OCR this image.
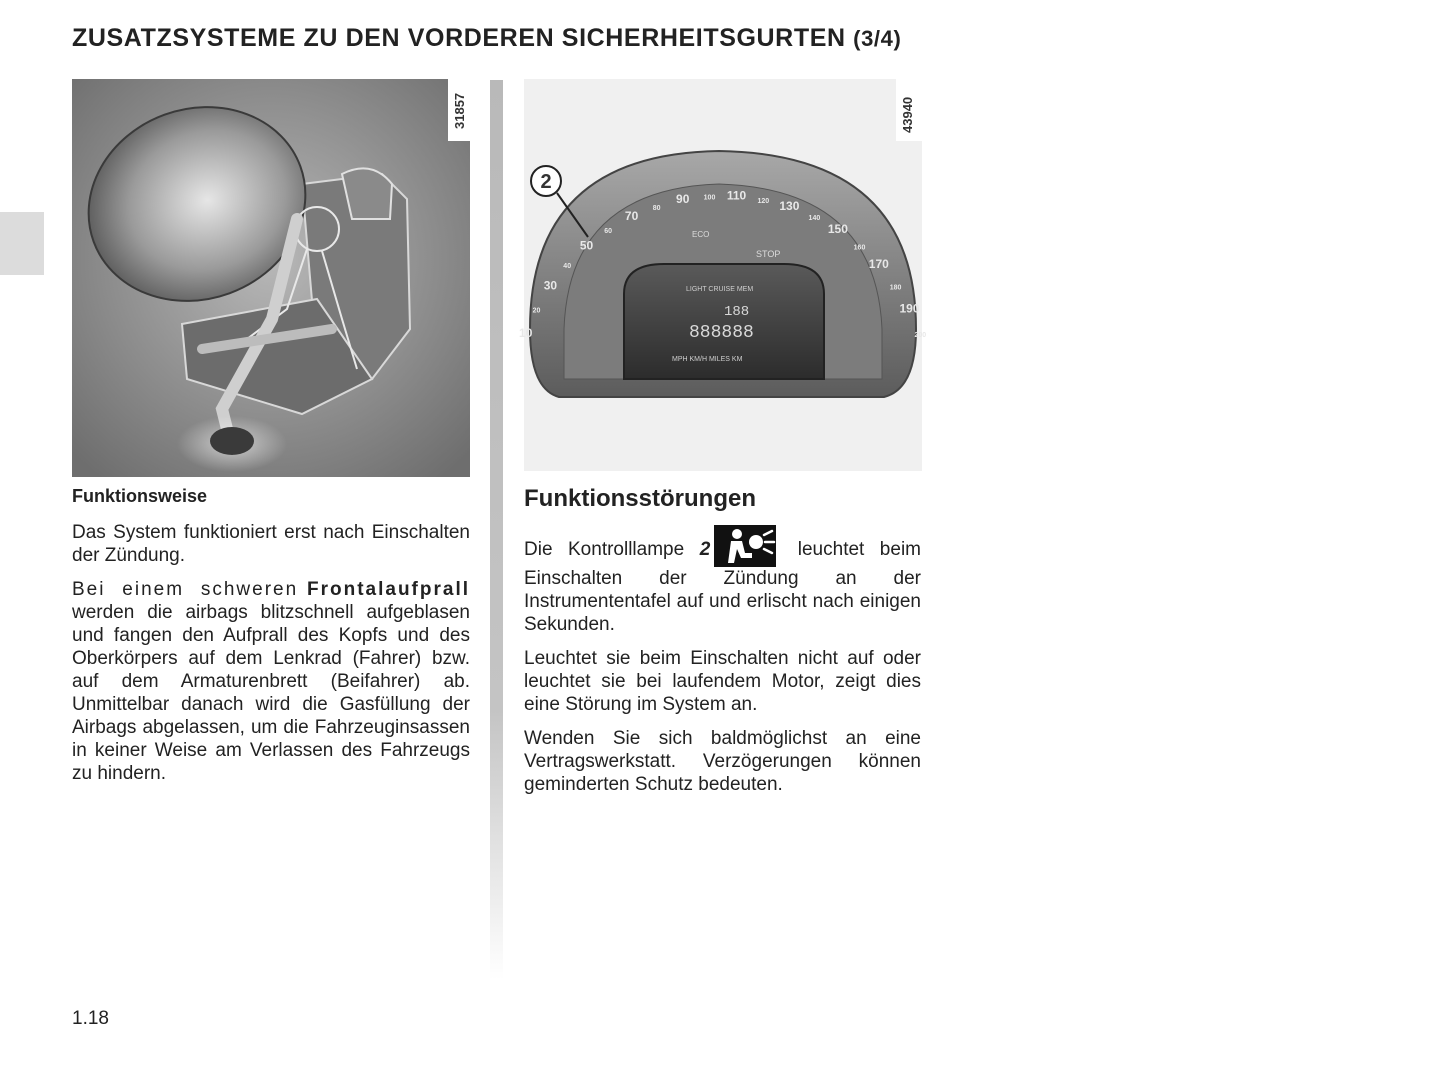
ZUSATZSYSTEME ZU DEN VORDEREN SICHERHEITSGURTEN (3/4)
31857
LIGHT CRUISE MEM
888888
188
MPH KM/H MILES KM
ECO
STOP
10
20
30
40
50
60
70
80
90 100 110 120 130
140
150
160
170
180
190
200
2
43940
Funktionsweise

Das System funktioniert erst nach Einschalten der Zündung.

Bei einem schweren Frontalaufprall werden die airbags blitzschnell aufgeblasen und fangen den Aufprall des Kopfs und des Oberkörpers auf dem Lenkrad (Fahrer) bzw. auf dem Armaturenbrett (Beifahrer) ab. Unmittelbar danach wird die Gasfüllung der Airbags abgelassen, um die Fahrzeuginsassen in keiner Weise am Verlassen des Fahrzeugs zu hindern.

Funktionsstörungen

Die Kontrolllampe 2	leuchtet beim Einschalten der Zündung an der Instrumententafel auf und erlischt nach einigen Sekunden.

Leuchtet sie beim Einschalten nicht auf oder leuchtet sie bei laufendem Motor, zeigt dies eine Störung im System an.

Wenden Sie sich baldmöglichst an eine Vertragswerkstatt. Verzögerungen können geminderten Schutz bedeuten.

1.18
